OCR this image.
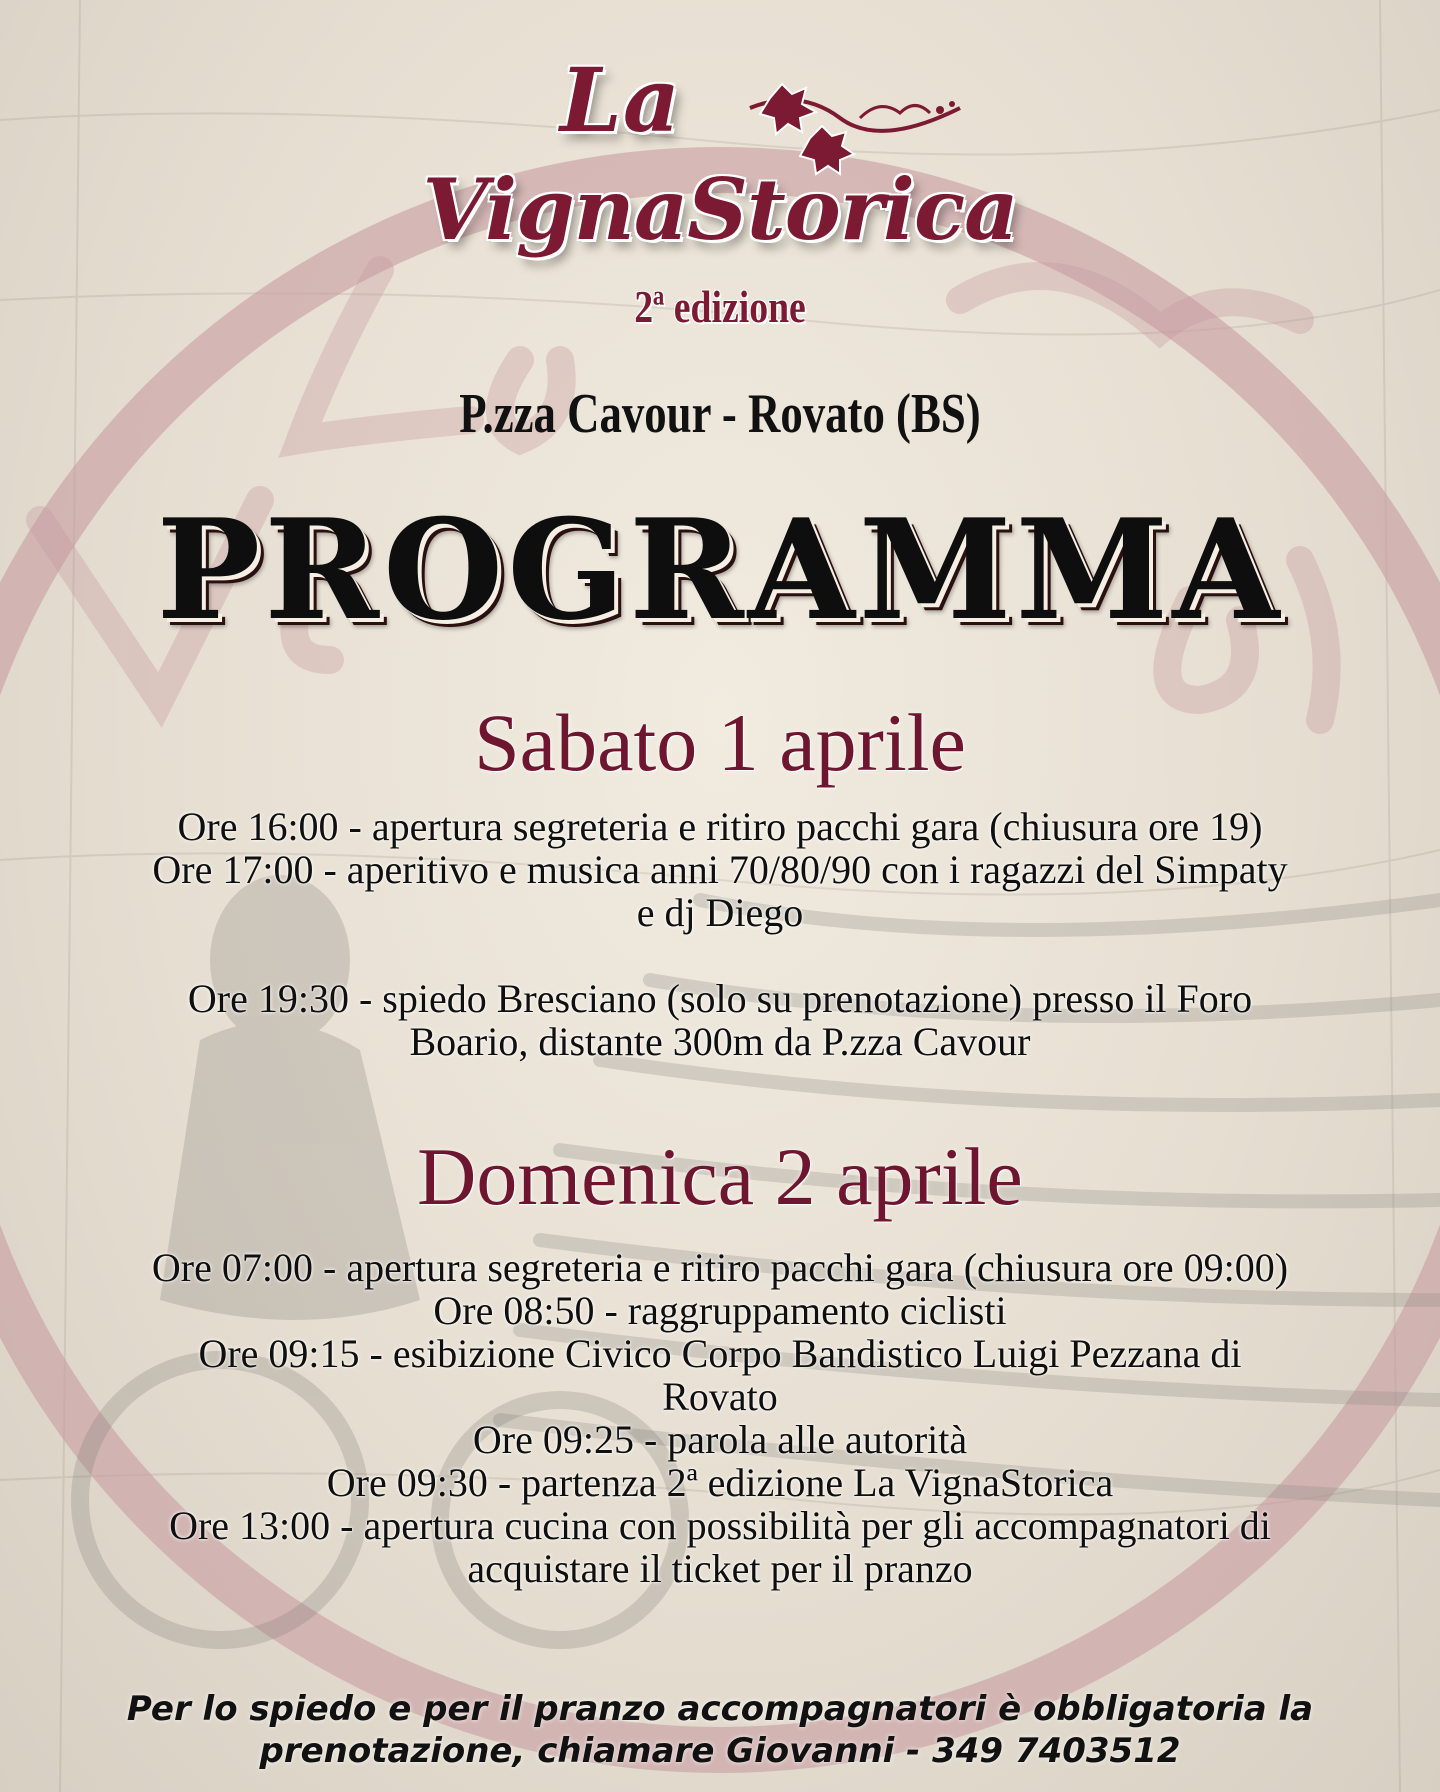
La
VignaStorica
2ª edizione
P.zza Cavour - Rovato (BS)
PROGRAMMA
Sabato 1 aprile
Ore 16:00 - apertura segreteria e ritiro pacchi gara (chiusura ore 19)
Ore 17:00 - aperitivo e musica anni 70/80/90 con i ragazzi del Simpaty
e dj Diego
Ore 19:30 - spiedo Bresciano (solo su prenotazione) presso il Foro
Boario, distante 300m da P.zza Cavour
Domenica 2 aprile
Ore 07:00 - apertura segreteria e ritiro pacchi gara (chiusura ore 09:00)
Ore 08:50 - raggruppamento ciclisti
Ore 09:15 - esibizione Civico Corpo Bandistico Luigi Pezzana di
Rovato
Ore 09:25 - parola alle autorità
Ore 09:30 - partenza 2ª edizione La VignaStorica
Ore 13:00 - apertura cucina con possibilità per gli accompagnatori di
acquistare il ticket per il pranzo
Per lo spiedo e per il pranzo accompagnatori è obbligatoria la
prenotazione, chiamare Giovanni - 349 7403512
